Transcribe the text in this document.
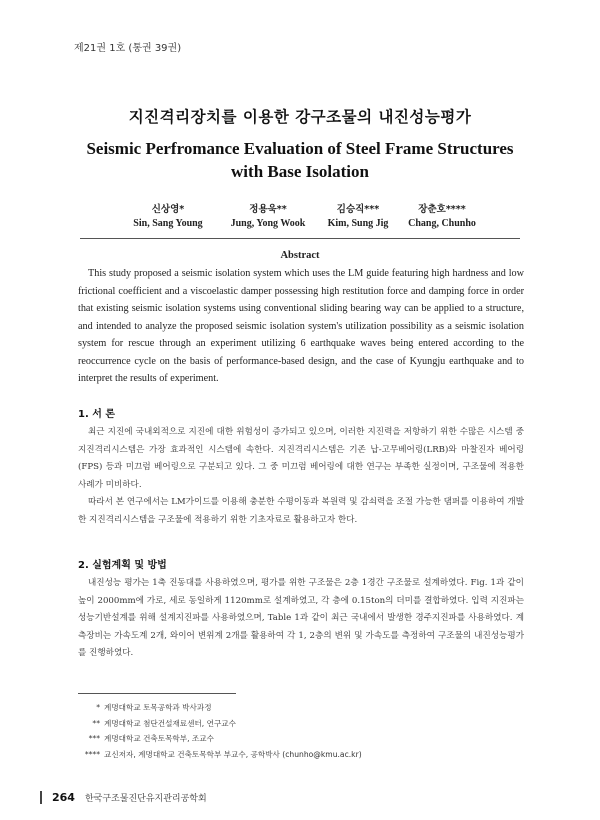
제21권 1호 (통권 39권)
지진격리장치를 이용한 강구조물의 내진성능평가
Seismic Perfromance Evaluation of Steel Frame Structures
with Base Isolation
신상영*
Sin, Sang Young
정용욱**
Jung, Yong Wook
김승직***
Kim, Sung Jig
장춘호****
Chang, Chunho
Abstract
This study proposed a seismic isolation system which uses the LM guide featuring high hardness and low frictional coefficient and a viscoelastic damper possessing high restitution force and damping force in order that existing seismic isolation systems using conventional sliding bearing way can be applied to a structure, and intended to analyze the proposed seismic isolation system's utilization possibility as a seismic isolation system for rescue through an experiment utilizing 6 earthquake waves being entered according to the reoccurrence cycle on the basis of performance-based design, and the case of Kyungju earthquake and to interpret the results of experiment.
1. 서 론

최근 지진에 국내외적으로 지진에 대한 위험성이 증가되고 있으며, 이러한 지진력을 저항하기 위한 수많은 시스템 중 지진격리시스템은 가장 효과적인 시스템에 속한다. 지진격리시스템은 기존 납-고무베어링(LRB)와 마찰진자 베어링(FPS) 등과 미끄럼 베어링으로 구분되고 있다. 그 중 미끄럼 베어링에 대한 연구는 부족한 실정이며, 구조물에 적용한 사례가 미비하다.

따라서 본 연구에서는 LM가이드를 이용해 충분한 수평이동과 복원력 및 감쇠력을 조절 가능한 댐퍼를 이용하여 개발한 지진격리시스템을 구조물에 적용하기 위한 기초자료로 활용하고자 한다.

2. 실험계획 및 방법

내진성능 평가는 1축 진동대를 사용하였으며, 평가를 위한 구조물은 2층 1경간 구조물로 설계하였다. Fig. 1과 같이 높이 2000mm에 가로, 세로 동일하게 1120mm로 설계하였고, 각 층에 0.15ton의 더미를 결합하였다. 입력 지진파는 성능기반설계를 위해 설계지진파를 사용하였으며, Table 1과 같이 최근 국내에서 발생한 경주지진파를 사용하였다. 계측장비는 가속도계 2개, 와이어 변위계 2개를 활용하여 각 1, 2층의 변위 및 가속도를 측정하여 구조물의 내진성능평가를 진행하였다.

* 계명대학교 토목공학과 박사과정
** 계명대학교 첨단건설재료센터, 연구교수
*** 계명대학교 건축토목학부, 조교수
**** 교신저자, 계명대학교 건축토목학부 부교수, 공학박사 (chunho@kmu.ac.kr)
264 한국구조물진단유지관리공학회
